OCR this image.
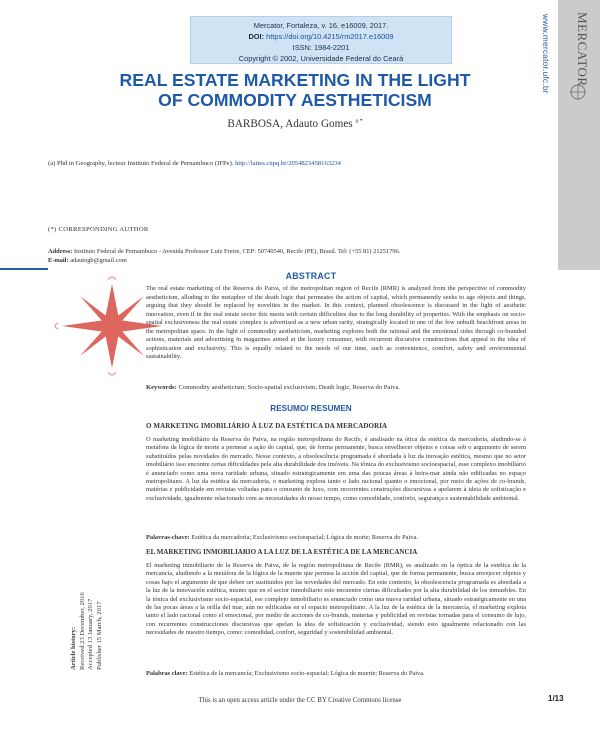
Mercator, Fortaleza, v. 16, e16009, 2017.
DOI: https://doi.org/10.4215/rm2017.e16009
ISSN: 1984-2201
Copyright © 2002, Universidade Federal do Ceará	www.mercator.ufc.br MERCATOR
REAL ESTATE MARKETING IN THE LIGHT
OF COMMODITY AESTHETICISM
BARBOSA, Adauto Gomes $^{a *}$
(a) Phd in Geography, lecteur Instituto Federal de Pernambuco (IFPe). http://lattes.cnpq.br/2054823458163234
(*) CORRESPONDING AUTHOR
Address: Instituto Federal de Pernambuco - Avenida Professor Luiz Freire, CEP: 50740540, Recife (PE), Brasil. Tel: (+55 81) 21251796.
E-mail: adautogb@gmail.com
ABSTRACT
The real estate marketing of the Reserva do Paiva, of the metropolitan region of Recife (RMR) is analyzed from the perspective of commodity aestheticism, alluding to the metaphor of the death logic that permeates the action of capital, which permanently seeks to age objects and things, arguing that they should be replaced by novelties in the market. In this context, planned obsolescence is discussed in the light of aesthetic innovation, even if in the real estate sector this meets with certain difficulties due to the long durability of properties. With the emphasis on socio-spatial exclusiveness the real estate complex is advertised as a new urban rarity, strategically located in one of the few unbuilt beachfront areas in the metropolitan space. In the light of commodity aestheticism, marketing explores both the rational and the emotional sides through co-branded actions, materials and advertising in magazines aimed at the luxury consumer, with recurrent discursive constructions that appeal to the idea of sophistication and exclusivity. This is equally related to the needs of our time, such as convenience, comfort, safety and environmental sustainability.
Keywords: Commodity aestheticism; Socio-spatial exclusivism; Death logic, Reserva do Paiva.
RESUMO/ RESUMEN
O MARKETING IMOBILIÁRIO À LUZ DA ESTÉTICA DA MERCADORIA
O marketing imobiliário da Reserva do Paiva, na região metropolitana do Recife, é analisado na ótica da estética da mercadoria, aludindo-se à metáfora da lógica de morte a permear a ação do capital, que, de forma permanente, busca envelhecer objetos e coisas sob o argumento de serem substituídos pelas novidades do mercado. Nesse contexto, a obsolescência programada é abordada à luz da inovação estética, mesmo que no setor imobiliário isso encontre certas dificuldades pela alta durabilidade dos imóveis. Na tônica do exclusivismo socioespacial, esse complexo imobiliário é anunciado como uma nova raridade urbana, situado estrategicamente em uma das poucas áreas à beira-mar ainda não edificadas no espaço metropolitano. A luz da estética da mercadoria, o marketing explora tanto o lado racional quanto o emocional, por meio de ações de co-brands, matérias e publicidade em revistas voltadas para o consumo de luxo, com recorrentes construções discursivas a apelarem à ideia de sofisticação e exclusividade, igualmente relacionado com as necessidades do nosso tempo, como comodidade, conforto, segurança e sustentabilidade ambiental.
Palavras-chave: Estética da mercadoria; Exclusivismo socioespacial; Lógica de morte; Reserva do Paiva.
EL MARKETING INMOBILIARIO A LA LUZ DE LA ESTÉTICA DE LA MERCANCIA
El marketing inmobiliario de la Reserva de Paiva, de la región metropolitana de Recife (RMR), es analizado en la óptica de la estética de la mercancía, aludiendo a la metáfora de la lógica de la muerte que permea la acción del capital, que de forma permanente, busca envejecer objetos y cosas bajo el argumento de que deben ser sustituidos por las novedades del mercado. En este contexto, la obsolescencia programada es abordada a la luz de la innovación estética, mismo que en el sector inmobiliario esto encuentre ciertas dificultades por la alta durabilidad de los inmuebles. En la tónica del exclusivismo socio-espacial, ese complejo inmobiliario es enunciado como una nueva raridad urbana, situado estratégicamente en una de las pocas áreas a la orilla del mar, aún no edificadas en el espacio metropolitano. A la luz de la estética de la mercancía, el marketing explota tanto el lado racional como el emocional, por medio de acciones de co-brands, materias y publicidad en revistas tornadas para el consumo de lujo, con recurrentes construcciones discursivas que apelan la idea de sofisticación y exclusividad, siendo esto igualmente relacionado con las necesidades de nuestro tiempo, como: comodidad, confort, seguridad y sostenibilidad ambiental.
Palabras clave: Estética de la mercancía; Exclusivismo socio-espacial; Lógica de muerte; Reserva do Paiva.
Article history: Received 23 December, 2016 Accepted 13 January, 2017 Publisher 15 March, 2017
This is an open access article under the CC BY Creative Commons license	1/13
